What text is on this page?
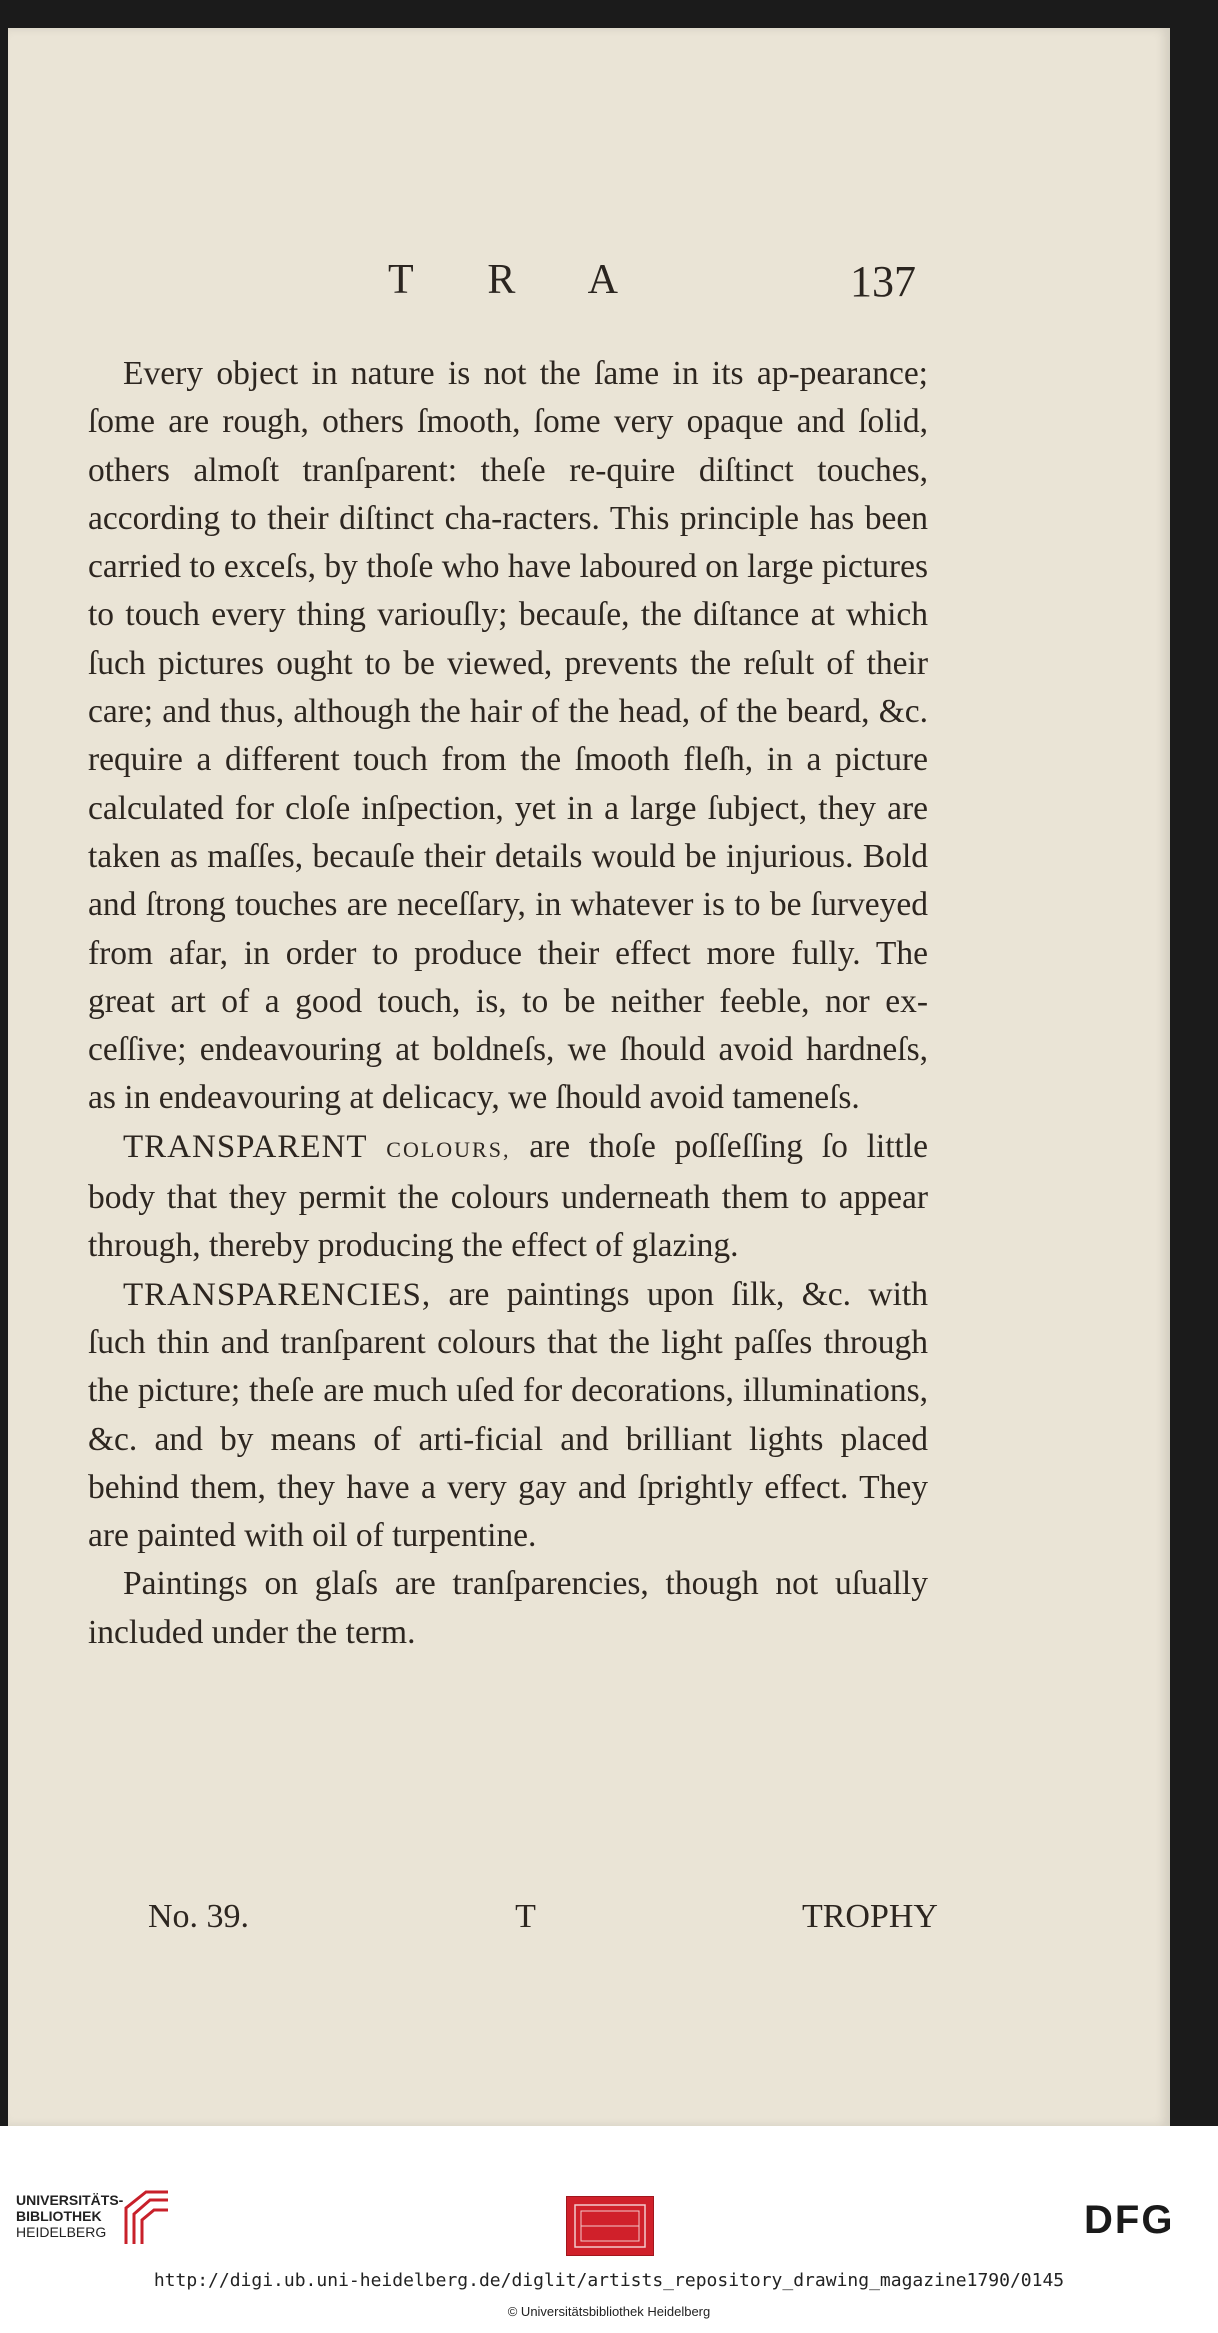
T R A	137

Every object in nature is not the ſame in its ap-pearance; ſome are rough, others ſmooth, ſome very opaque and ſolid, others almoſt tranſparent: theſe re-quire diſtinct touches, according to their diſtinct cha-racters. This principle has been carried to exceſs, by thoſe who have laboured on large pictures to touch every thing variouſly; becauſe, the diſtance at which ſuch pictures ought to be viewed, prevents the reſult of their care; and thus, although the hair of the head, of the beard, &c. require a different touch from the ſmooth fleſh, in a picture calculated for cloſe inſpection, yet in a large ſubject, they are taken as maſſes, becauſe their details would be injurious. Bold and ſtrong touches are neceſſary, in whatever is to be ſurveyed from afar, in order to produce their effect more fully. The great art of a good touch, is, to be neither feeble, nor ex-ceſſive; endeavouring at boldneſs, we ſhould avoid hardneſs, as in endeavouring at delicacy, we ſhould avoid tameneſs.

TRANSPARENT COLOURS, are thoſe poſſeſſing ſo little body that they permit the colours underneath them to appear through, thereby producing the effect of glazing.

TRANSPARENCIES, are paintings upon ſilk, &c. with ſuch thin and tranſparent colours that the light paſſes through the picture; theſe are much uſed for decorations, illuminations, &c. and by means of arti-ficial and brilliant lights placed behind them, they have a very gay and ſprightly effect. They are painted with oil of turpentine.

Paintings on glaſs are tranſparencies, though not uſually included under the term.

No. 39.	T	TROPHY
UNIVERSITÄTS-
BIBLIOTHEK
HEIDELBERG	DFG
http://digi.ub.uni-heidelberg.de/diglit/artists_repository_drawing_magazine1790/0145
© Universitätsbibliothek Heidelberg
